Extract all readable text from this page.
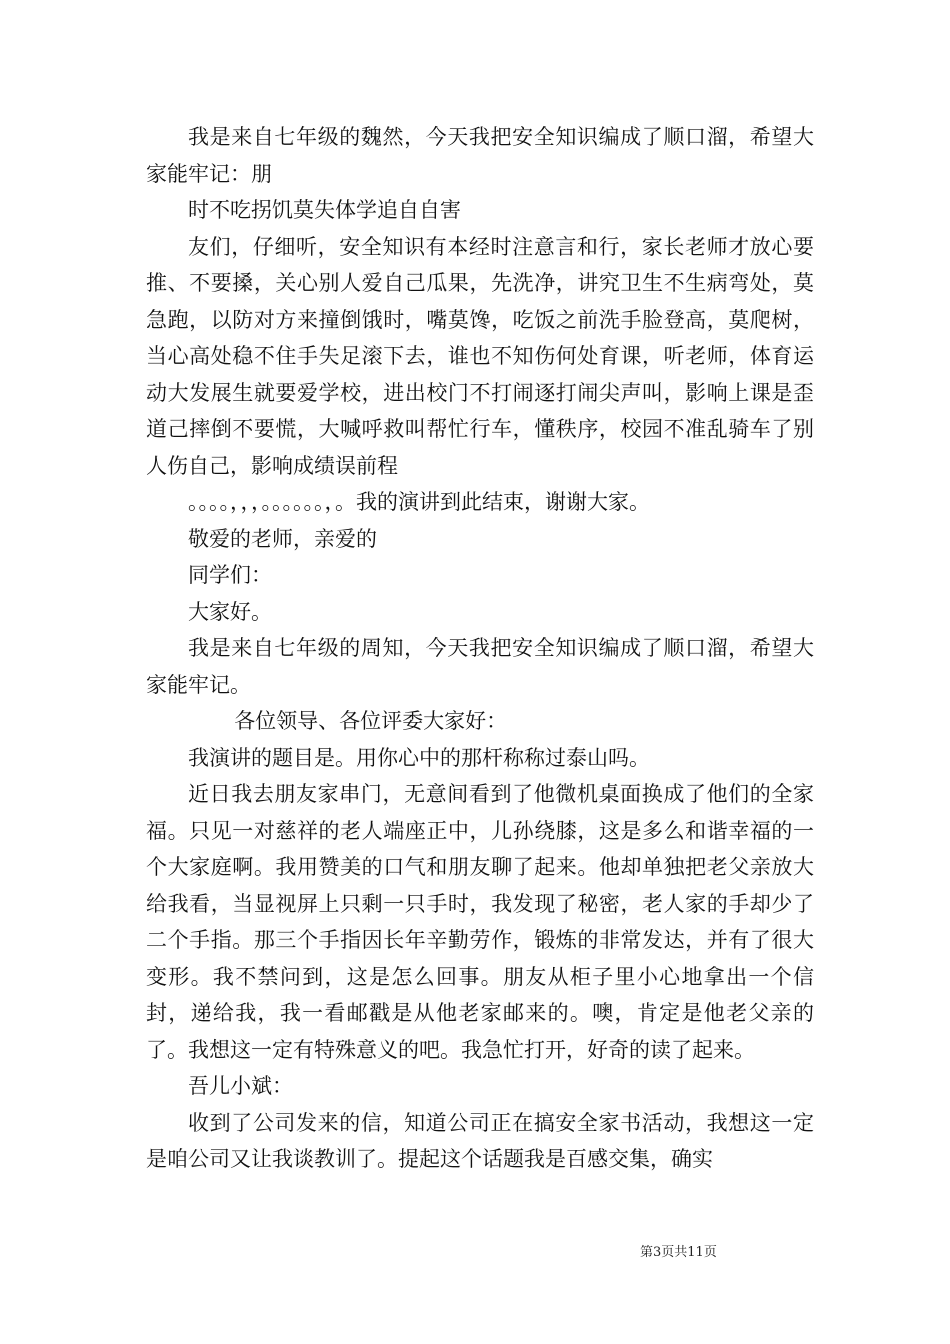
我是来自七年级的魏然，今天我把安全知识编成了顺口溜，希望大家能牢记：朋

时不吃拐饥莫失体学追自自害

友们，仔细听，安全知识有本经时注意言和行，家长老师才放心要推、不要搡，关心别人爱自己瓜果，先洗净，讲究卫生不生病弯处，莫急跑，以防对方来撞倒饿时，嘴莫馋，吃饭之前洗手脸登高，莫爬树，当心高处稳不住手失足滚下去，谁也不知伤何处育课，听老师，体育运动大发展生就要爱学校，进出校门不打闹逐打闹尖声叫，影响上课是歪道己摔倒不要慌，大喊呼救叫帮忙行车，懂秩序，校园不准乱骑车了别人伤自己，影响成绩误前程

。。。。，，，。。。。。。，。我的演讲到此结束，谢谢大家。

敬爱的老师，亲爱的

同学们：

大家好。

我是来自七年级的周知，今天我把安全知识编成了顺口溜，希望大家能牢记。

各位领导、各位评委大家好：

我演讲的题目是。用你心中的那杆称称过泰山吗。

近日我去朋友家串门，无意间看到了他微机桌面换成了他们的全家福。只见一对慈祥的老人端座正中，儿孙绕膝，这是多么和谐幸福的一个大家庭啊。我用赞美的口气和朋友聊了起来。他却单独把老父亲放大给我看，当显视屏上只剩一只手时，我发现了秘密，老人家的手却少了二个手指。那三个手指因长年辛勤劳作，锻炼的非常发达，并有了很大变形。我不禁问到，这是怎么回事。朋友从柜子里小心地拿出一个信封，递给我，我一看邮戳是从他老家邮来的。噢，肯定是他老父亲的了。我想这一定有特殊意义的吧。我急忙打开，好奇的读了起来。

吾儿小斌：

收到了公司发来的信，知道公司正在搞安全家书活动，我想这一定是咱公司又让我谈教训了。提起这个话题我是百感交集，确实

第3页共11页
